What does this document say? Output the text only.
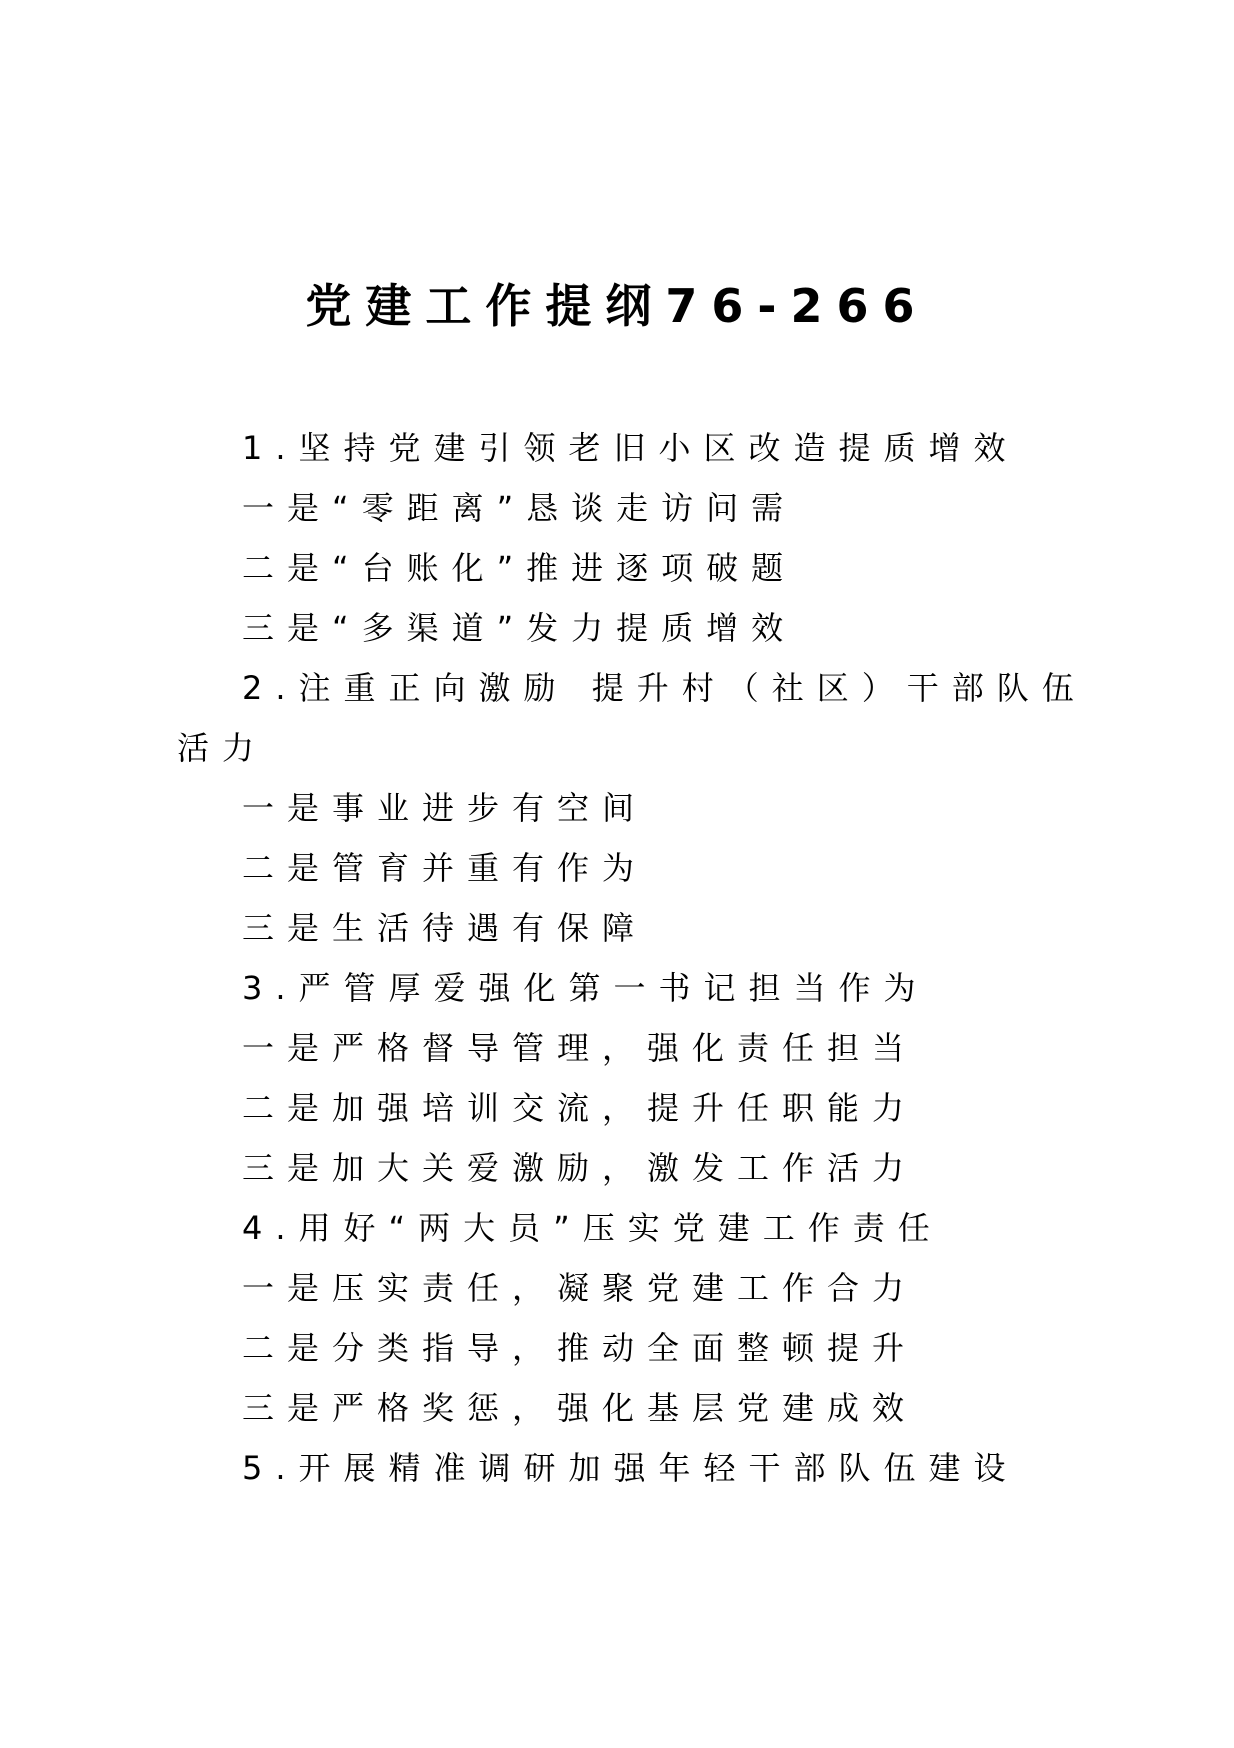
党建工作提纲76-266
1.坚持党建引领老旧小区改造提质增效
一是“零距离”恳谈走访问需
二是“台账化”推进逐项破题
三是“多渠道”发力提质增效
2.注重正向激励 提升村（社区）干部队伍
活力
一是事业进步有空间
二是管育并重有作为
三是生活待遇有保障
3.严管厚爱强化第一书记担当作为
一是严格督导管理，强化责任担当
二是加强培训交流，提升任职能力
三是加大关爱激励，激发工作活力
4.用好“两大员”压实党建工作责任
一是压实责任，凝聚党建工作合力
二是分类指导，推动全面整顿提升
三是严格奖惩，强化基层党建成效
5.开展精准调研加强年轻干部队伍建设
